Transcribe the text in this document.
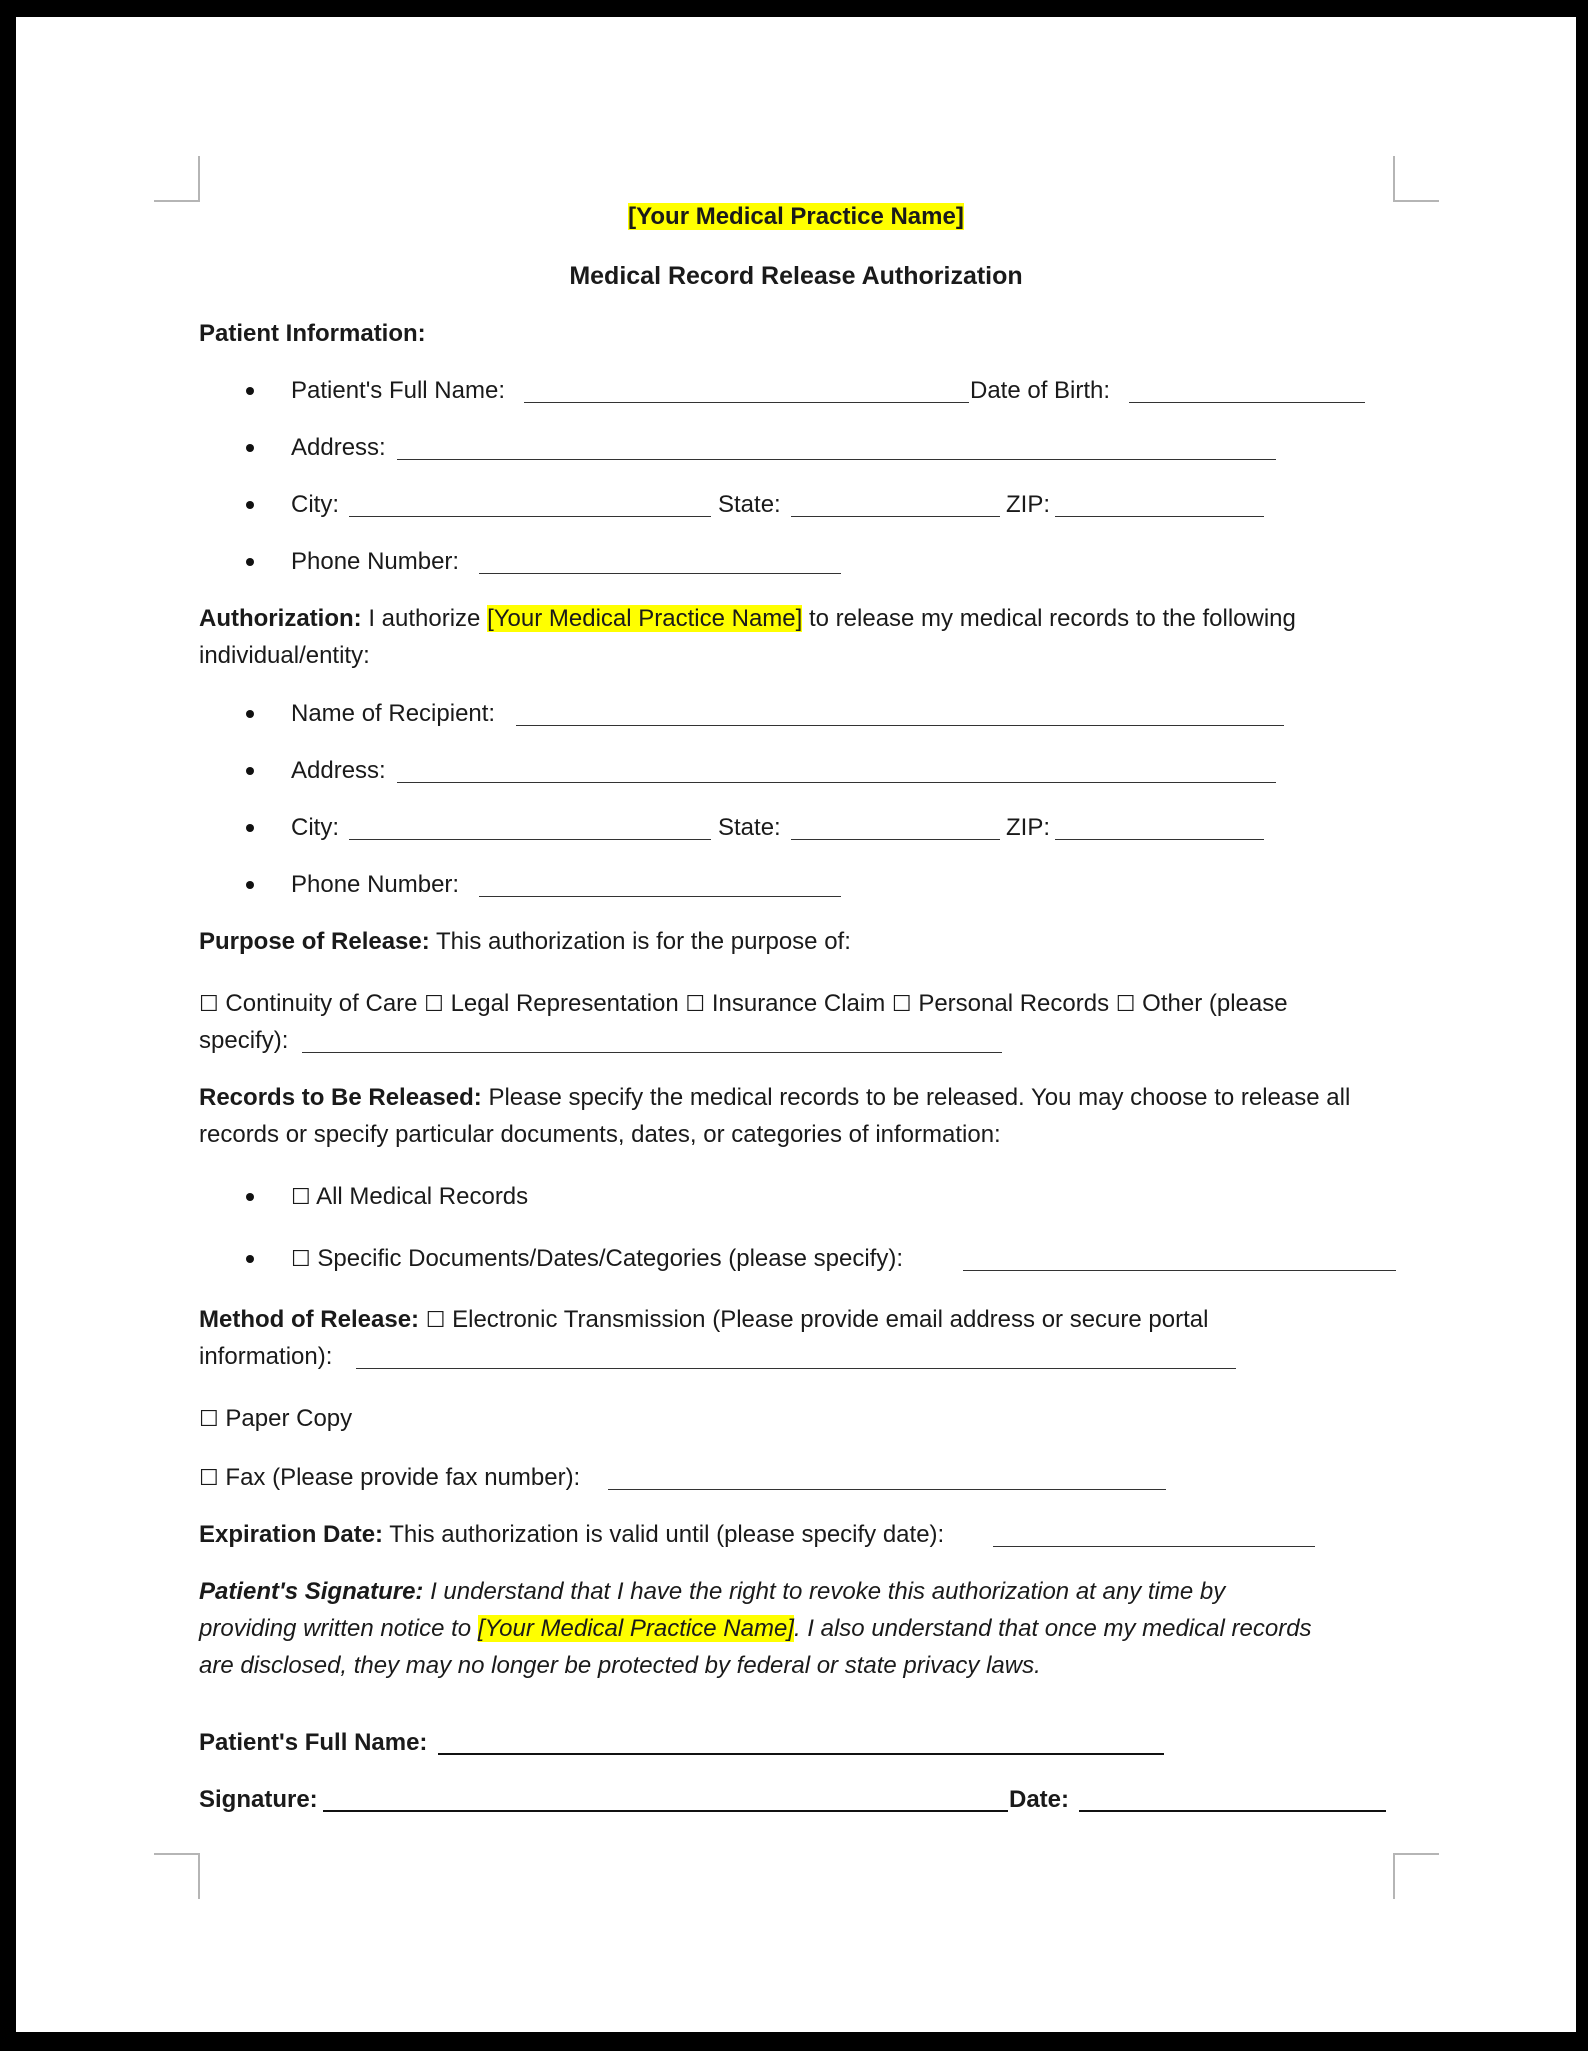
[Your Medical Practice Name]
Medical Record Release Authorization
Patient Information:
Patient's Full Name:	Date of Birth:
Address:
City:	State:	ZIP:
Phone Number:
Authorization: I authorize [Your Medical Practice Name] to release my medical records to the following
individual/entity:
Name of Recipient:
Address:
City:	State:	ZIP:
Phone Number:
Purpose of Release: This authorization is for the purpose of:
☐ Continuity of Care ☐ Legal Representation ☐ Insurance Claim ☐ Personal Records ☐ Other (please
specify):
Records to Be Released: Please specify the medical records to be released. You may choose to release all
records or specify particular documents, dates, or categories of information:
☐ All Medical Records
☐ Specific Documents/Dates/Categories (please specify):
Method of Release: ☐ Electronic Transmission (Please provide email address or secure portal
information):
☐ Paper Copy
☐ Fax (Please provide fax number):
Expiration Date: This authorization is valid until (please specify date):
Patient's Signature: I understand that I have the right to revoke this authorization at any time by
providing written notice to [Your Medical Practice Name]. I also understand that once my medical records
are disclosed, they may no longer be protected by federal or state privacy laws.
Patient's Full Name:
Signature:	Date:
